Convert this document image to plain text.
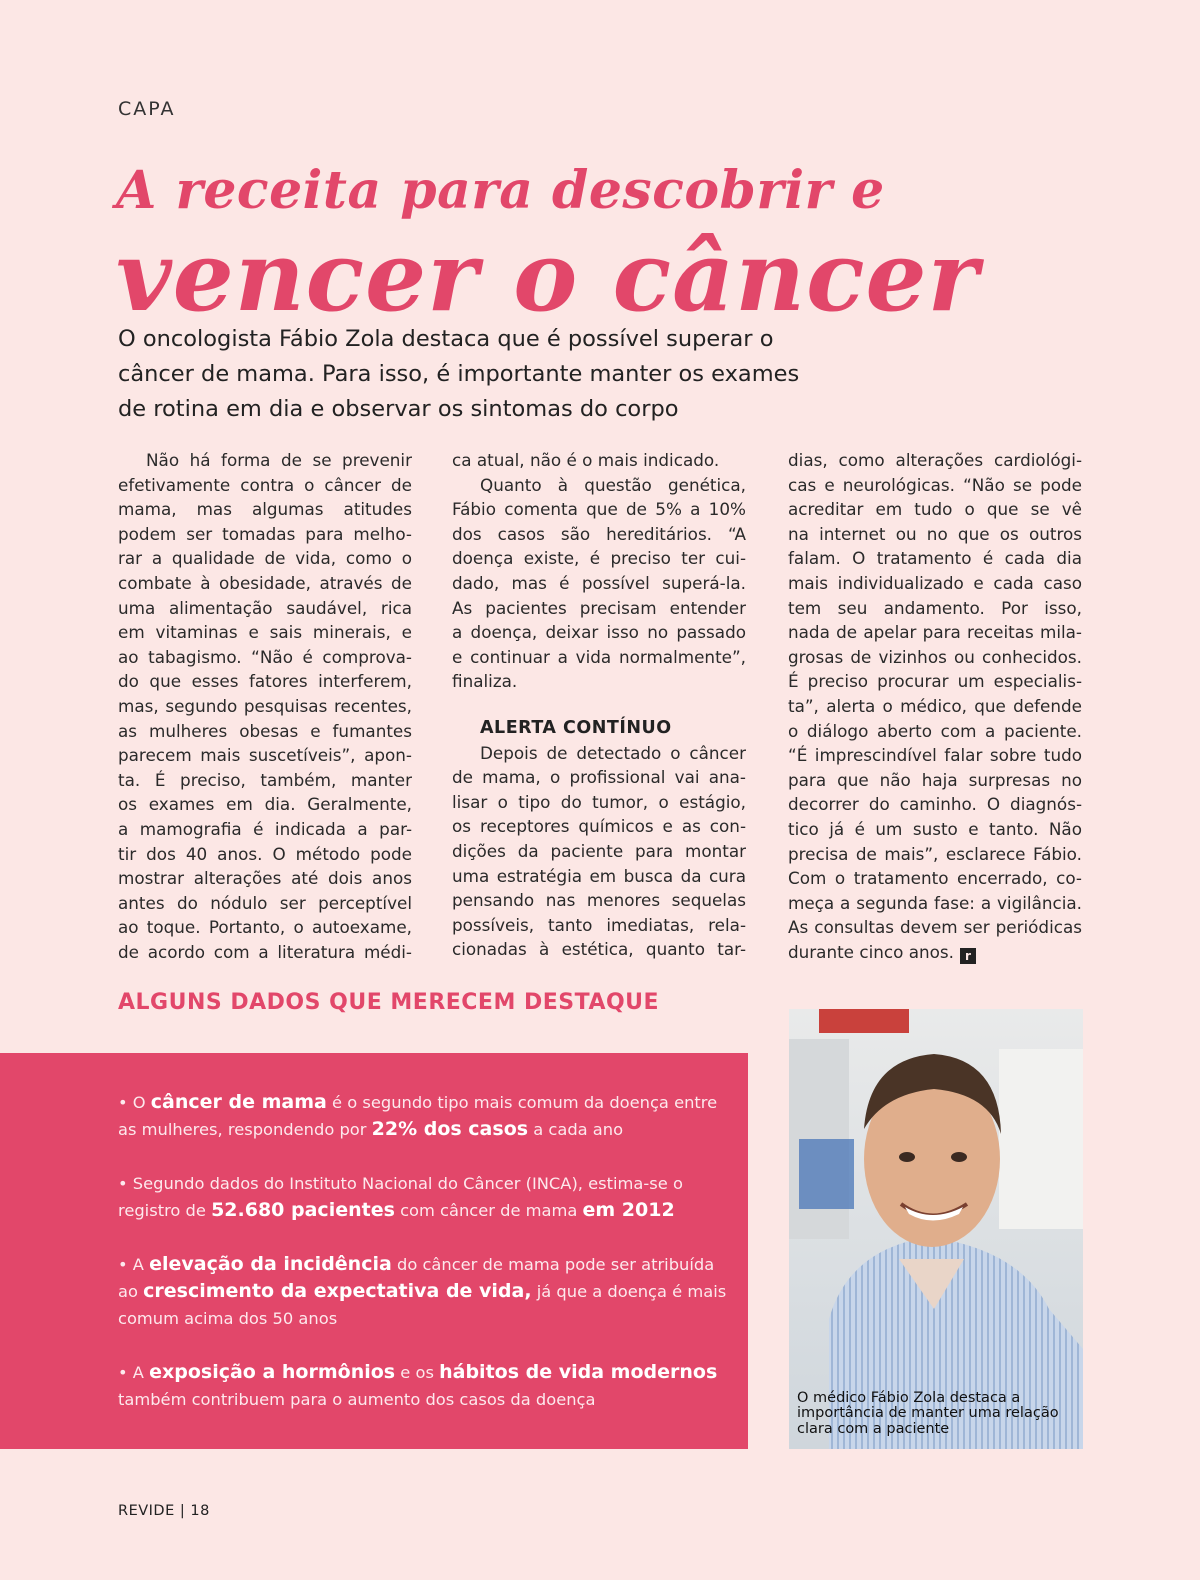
CAPA
A receita para descobrir e
vencer o câncer

O oncologista Fábio Zola destaca que é possível superar o

câncer de mama. Para isso, é importante manter os exames

de rotina em dia e observar os sintomas do corpo

Não há forma de se prevenir
efetivamente contra o câncer de
mama, mas algumas atitudes
podem ser tomadas para melho-
rar a qualidade de vida, como o
combate à obesidade, através de
uma alimentação saudável, rica
em vitaminas e sais minerais, e
ao tabagismo. “Não é comprova-
do que esses fatores interferem,
mas, segundo pesquisas recentes,
as mulheres obesas e fumantes
parecem mais suscetíveis”, apon-
ta. É preciso, também, manter
os exames em dia. Geralmente,
a mamografia é indicada a par-
tir dos 40 anos. O método pode
mostrar alterações até dois anos
antes do nódulo ser perceptível
ao toque. Portanto, o autoexame,
de acordo com a literatura médi-
ca atual, não é o mais indicado.
Quanto à questão genética,
Fábio comenta que de 5% a 10%
dos casos são hereditários. “A
doença existe, é preciso ter cui-
dado, mas é possível superá-la.
As pacientes precisam entender
a doença, deixar isso no passado
e continuar a vida normalmente”,
finaliza.
ALERTA CONTÍNUO
Depois de detectado o câncer
de mama, o profissional vai ana-
lisar o tipo do tumor, o estágio,
os receptores químicos e as con-
dições da paciente para montar
uma estratégia em busca da cura
pensando nas menores sequelas
possíveis, tanto imediatas, rela-
cionadas à estética, quanto tar-
dias, como alterações cardiológi-
cas e neurológicas. “Não se pode
acreditar em tudo o que se vê
na internet ou no que os outros
falam. O tratamento é cada dia
mais individualizado e cada caso
tem seu andamento. Por isso,
nada de apelar para receitas mila-
grosas de vizinhos ou conhecidos.
É preciso procurar um especialis-
ta”, alerta o médico, que defende
o diálogo aberto com a paciente.
“É imprescindível falar sobre tudo
para que não haja surpresas no
decorrer do caminho. O diagnós-
tico já é um susto e tanto. Não
precisa de mais”, esclarece Fábio.
Com o tratamento encerrado, co-
meça a segunda fase: a vigilância.
As consultas devem ser periódicas
durante cinco anos. r
ALGUNS DADOS QUE MERECEM DESTAQUE
• O câncer de mama é o segundo tipo mais comum da doença entre as mulheres, respondendo por 22% dos casos a cada ano
• Segundo dados do Instituto Nacional do Câncer (INCA), estima-se o registro de 52.680 pacientes com câncer de mama em 2012
• A elevação da incidência do câncer de mama pode ser atribuída ao crescimento da expectativa de vida, já que a doença é mais comum acima dos 50 anos
• A exposição a hormônios e os hábitos de vida modernos também contribuem para o aumento dos casos da doença	O médico Fábio Zola destaca a importância de manter uma relação clara com a paciente
REVIDE | 18
